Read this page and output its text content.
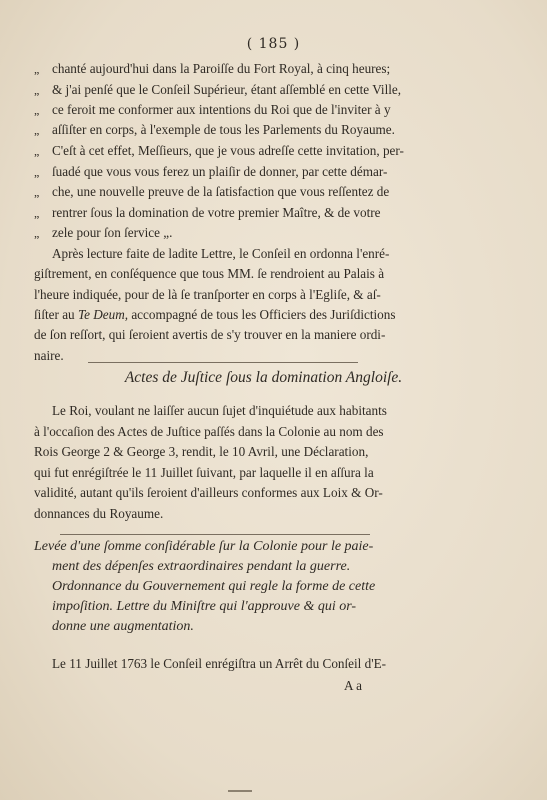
( 185 )
„ chanté aujourd'hui dans la Paroiſſe du Fort Royal, à cinq heures;
„ & j'ai penſé que le Conſeil Supérieur, étant aſſemblé en cette Ville,
„ ce feroit me conformer aux intentions du Roi que de l'inviter à y
„ aſſiſter en corps, à l'exemple de tous les Parlements du Royaume.
„ C'eſt à cet effet, Meſſieurs, que je vous adreſſe cette invitation, per-
„ ſuadé que vous vous ferez un plaiſir de donner, par cette démar-
„ che, une nouvelle preuve de la ſatisfaction que vous reſſentez de
„ rentrer ſous la domination de votre premier Maître, & de votre
„ zele pour ſon ſervice „.
Après lecture faite de ladite Lettre, le Conſeil en ordonna l'enré-
giſtrement, en conſéquence que tous MM. ſe rendroient au Palais à
l'heure indiquée, pour de là ſe tranſporter en corps à l'Egliſe, & aſ-
ſiſter au Te Deum, accompagné de tous les Officiers des Juriſdictions
de ſon reſſort, qui ſeroient avertis de s'y trouver en la maniere ordi-
naire.
Actes de Juſtice ſous la domination Angloiſe.
Le Roi, voulant ne laiſſer aucun ſujet d'inquiétude aux habitants
à l'occaſion des Actes de Juſtice paſſés dans la Colonie au nom des
Rois George 2 & George 3, rendit, le 10 Avril, une Déclaration,
qui fut enrégiſtrée le 11 Juillet ſuivant, par laquelle il en aſſura la
validité, autant qu'ils ſeroient d'ailleurs conformes aux Loix & Or-
donnances du Royaume.
Levée d'une ſomme conſidérable ſur la Colonie pour le paie-
ment des dépenſes extraordinaires pendant la guerre.
Ordonnance du Gouvernement qui regle la forme de cette
impoſition. Lettre du Miniſtre qui l'approuve & qui or-
donne une augmentation.
Le 11 Juillet 1763 le Conſeil enrégiſtra un Arrêt du Conſeil d'E-
A a
